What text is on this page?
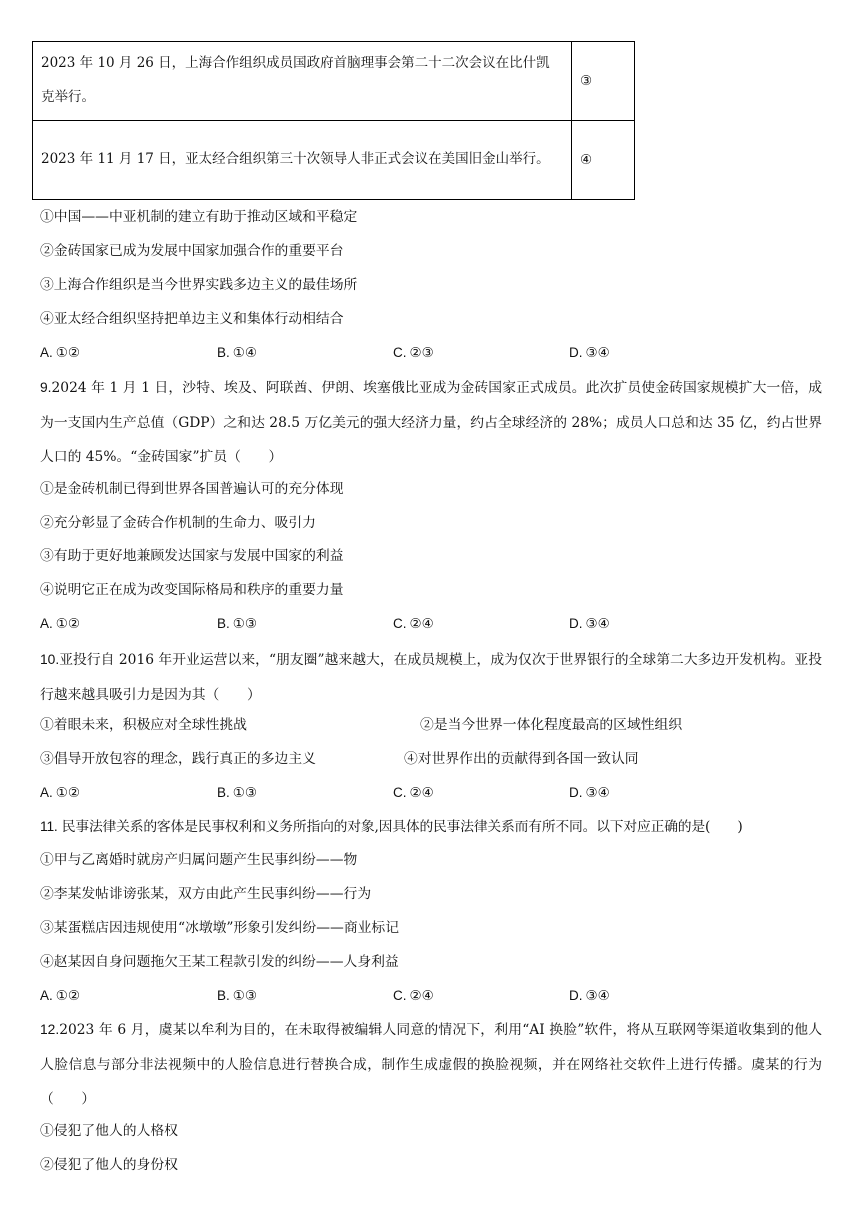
2023 年 10 月 26 日，上海合作组织成员国政府首脑理事会第二十二次会议在比什凯克举行。	③
2023 年 11 月 17 日，亚太经合组织第三十次领导人非正式会议在美国旧金山举行。	④
①中国——中亚机制的建立有助于推动区域和平稳定
②金砖国家已成为发展中国家加强合作的重要平台
③上海合作组织是当今世界实践多边主义的最佳场所
④亚太经合组织坚持把单边主义和集体行动相结合
A. ①②	B. ①④	C. ②③	D. ③④
9.2024 年 1 月 1 日，沙特、埃及、阿联酋、伊朗、埃塞俄比亚成为金砖国家正式成员。此次扩员使金砖国家规模扩大一倍，成为一支国内生产总值（GDP）之和达 28.5 万亿美元的强大经济力量，约占全球经济的 28%；成员人口总和达 35 亿，约占世界人口的 45%。“金砖国家”扩员（　　）
①是金砖机制已得到世界各国普遍认可的充分体现
②充分彰显了金砖合作机制的生命力、吸引力
③有助于更好地兼顾发达国家与发展中国家的利益
④说明它正在成为改变国际格局和秩序的重要力量
A. ①②	B. ①③	C. ②④	D. ③④
10.亚投行自 2016 年开业运营以来，“朋友圈”越来越大，在成员规模上，成为仅次于世界银行的全球第二大多边开发机构。亚投行越来越具吸引力是因为其（　　）
①着眼未来，积极应对全球性挑战	②是当今世界一体化程度最高的区域性组织
③倡导开放包容的理念，践行真正的多边主义	④对世界作出的贡献得到各国一致认同
A. ①②	B. ①③	C. ②④	D. ③④
11. 民事法律关系的客体是民事权利和义务所指向的对象,因具体的民事法律关系而有所不同。以下对应正确的是(　　)
①甲与乙离婚时就房产归属问题产生民事纠纷——物
②李某发帖诽谤张某，双方由此产生民事纠纷——行为
③某蛋糕店因违规使用“冰墩墩”形象引发纠纷——商业标记
④赵某因自身问题拖欠王某工程款引发的纠纷——人身利益
A. ①②	B. ①③	C. ②④	D. ③④
12.2023 年 6 月，虞某以牟利为目的，在未取得被编辑人同意的情况下，利用“AI 换脸”软件，将从互联网等渠道收集到的他人人脸信息与部分非法视频中的人脸信息进行替换合成，制作生成虚假的换脸视频，并在网络社交软件上进行传播。虞某的行为（　　）
①侵犯了他人的人格权
②侵犯了他人的身份权
